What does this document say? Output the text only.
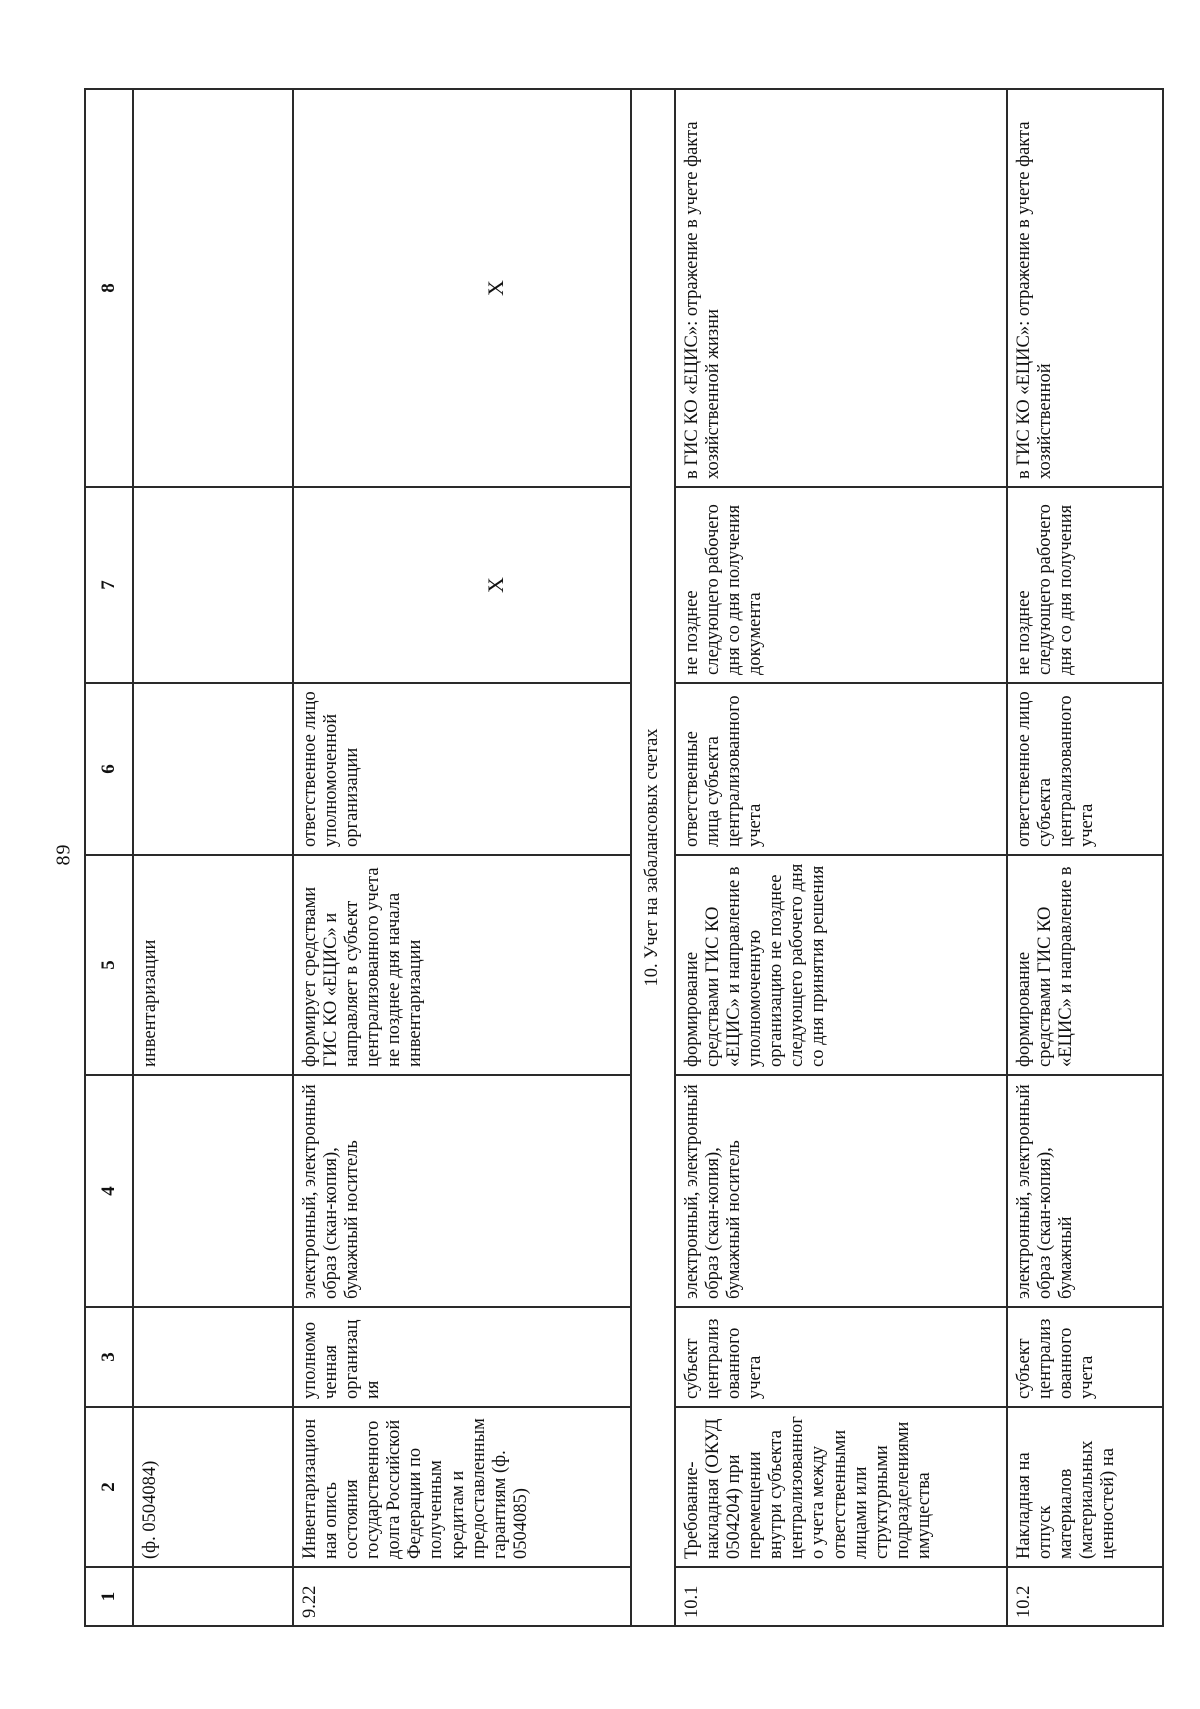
89
1	2	3	4	5	6	7	8
	(ф. 0504084)			инвентаризации			
9.22	Инвентаризационная опись состояния государственного долга Российской Федерации по полученным кредитам и предоставленным гарантиям (ф. 0504085)	уполномоченная организация	электронный, электронный образ (скан-копия), бумажный носитель	формирует средствами ГИС КО «ЕЦИС» и направляет в субъект централизованного учета не позднее дня начала инвентаризации	ответственное лицо уполномоченной организации	X	X
10. Учет на забалансовых счетах							
10.1	Требование-накладная (ОКУД 0504204) при перемещении внутри субъекта централизованного учета между ответственными лицами или структурными подразделениями имущества	субъект централизованного учета	электронный, электронный образ (скан-копия), бумажный носитель	формирование средствами ГИС КО «ЕЦИС» и направление в уполномоченную организацию не позднее следующего рабочего дня со дня принятия решения	ответственные лица субъекта централизованного учета	не позднее следующего рабочего дня со дня получения документа	в ГИС КО «ЕЦИС»: отражение в учете факта хозяйственной жизни
10.2	Накладная на отпуск материалов (материальных ценностей) на	субъект централизованного учета	электронный, электронный образ (скан-копия), бумажный	формирование средствами ГИС КО «ЕЦИС» и направление в	ответственное лицо субъекта централизованного учета	не позднее следующего рабочего дня со дня получения	в ГИС КО «ЕЦИС»: отражение в учете факта хозяйственной
